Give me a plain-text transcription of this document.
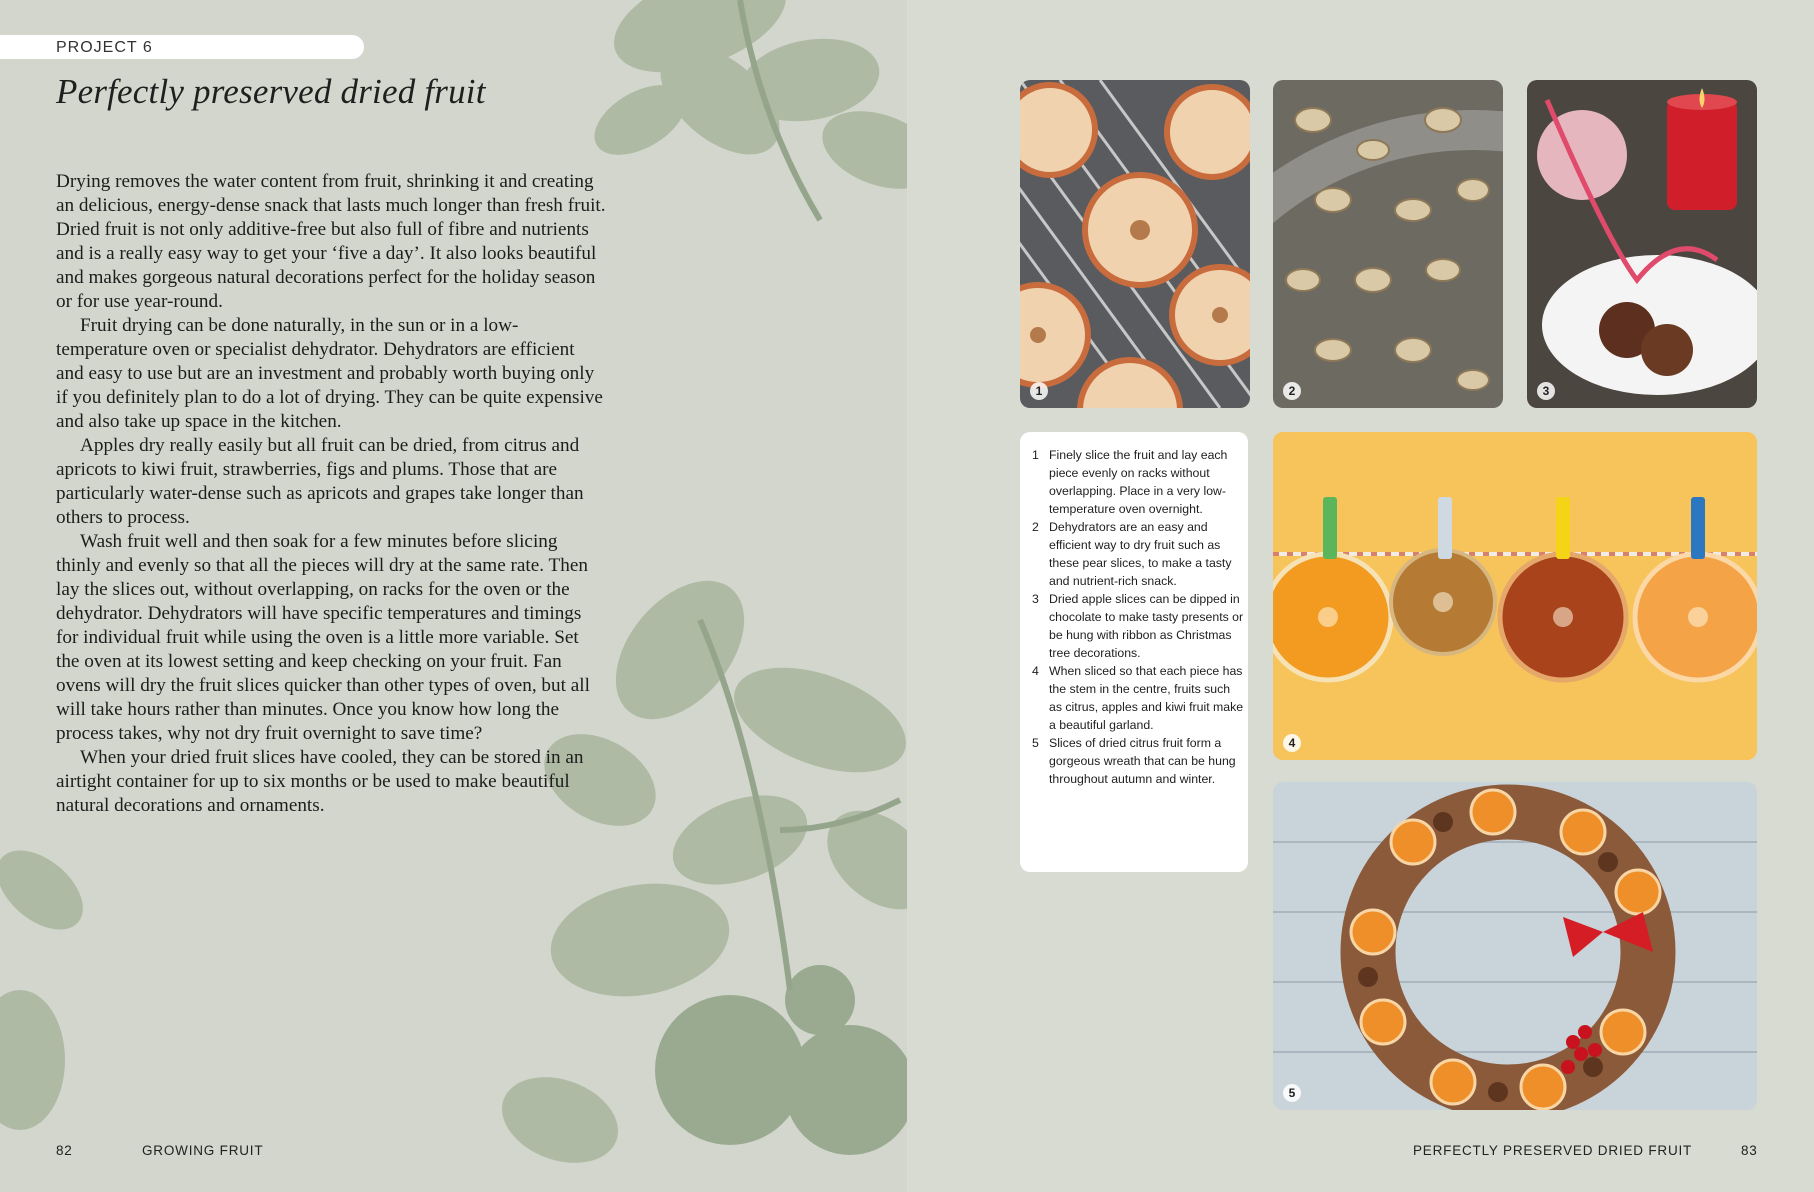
PROJECT 6
Perfectly preserved dried fruit

Drying removes the water content from fruit, shrinking it and creating an delicious, energy-dense snack that lasts much longer than fresh fruit. Dried fruit is not only additive-free but also full of fibre and nutrients and is a really easy way to get your ‘five a day’. It also looks beautiful and makes gorgeous natural decorations perfect for the holiday season or for use year-round.

Fruit drying can be done naturally, in the sun or in a low-temperature oven or specialist dehydrator. Dehydrators are efficient and easy to use but are an investment and probably worth buying only if you definitely plan to do a lot of drying. They can be quite expensive and also take up space in the kitchen.

Apples dry really easily but all fruit can be dried, from citrus and apricots to kiwi fruit, strawberries, figs and plums. Those that are particularly water-dense such as apricots and grapes take longer than others to process.

Wash fruit well and then soak for a few minutes before slicing thinly and evenly so that all the pieces will dry at the same rate. Then lay the slices out, without overlapping, on racks for the oven or the dehydrator. Dehydrators will have specific temperatures and timings for individual fruit while using the oven is a little more variable. Set the oven at its lowest setting and keep checking on your fruit. Fan ovens will dry the fruit slices quicker than other types of oven, but all will take hours rather than minutes. Once you know how long the process takes, why not dry fruit overnight to save time?

When your dried fruit slices have cooled, they can be stored in an airtight container for up to six months or be used to make beautiful natural decorations and ornaments.

82	GROWING FRUIT
1	2	3
1 Finely slice the fruit and lay each piece evenly on racks without overlapping. Place in a very low-temperature oven overnight.
2 Dehydrators are an easy and efficient way to dry fruit such as these pear slices, to make a tasty and nutrient-rich snack.
3 Dried apple slices can be dipped in chocolate to make tasty presents or be hung with ribbon as Christmas tree decorations.
4 When sliced so that each piece has the stem in the centre, fruits such as citrus, apples and kiwi fruit make a beautiful garland.
5 Slices of dried citrus fruit form a gorgeous wreath that can be hung throughout autumn and winter.
4
5
PERFECTLY PRESERVED DRIED FRUIT	83
